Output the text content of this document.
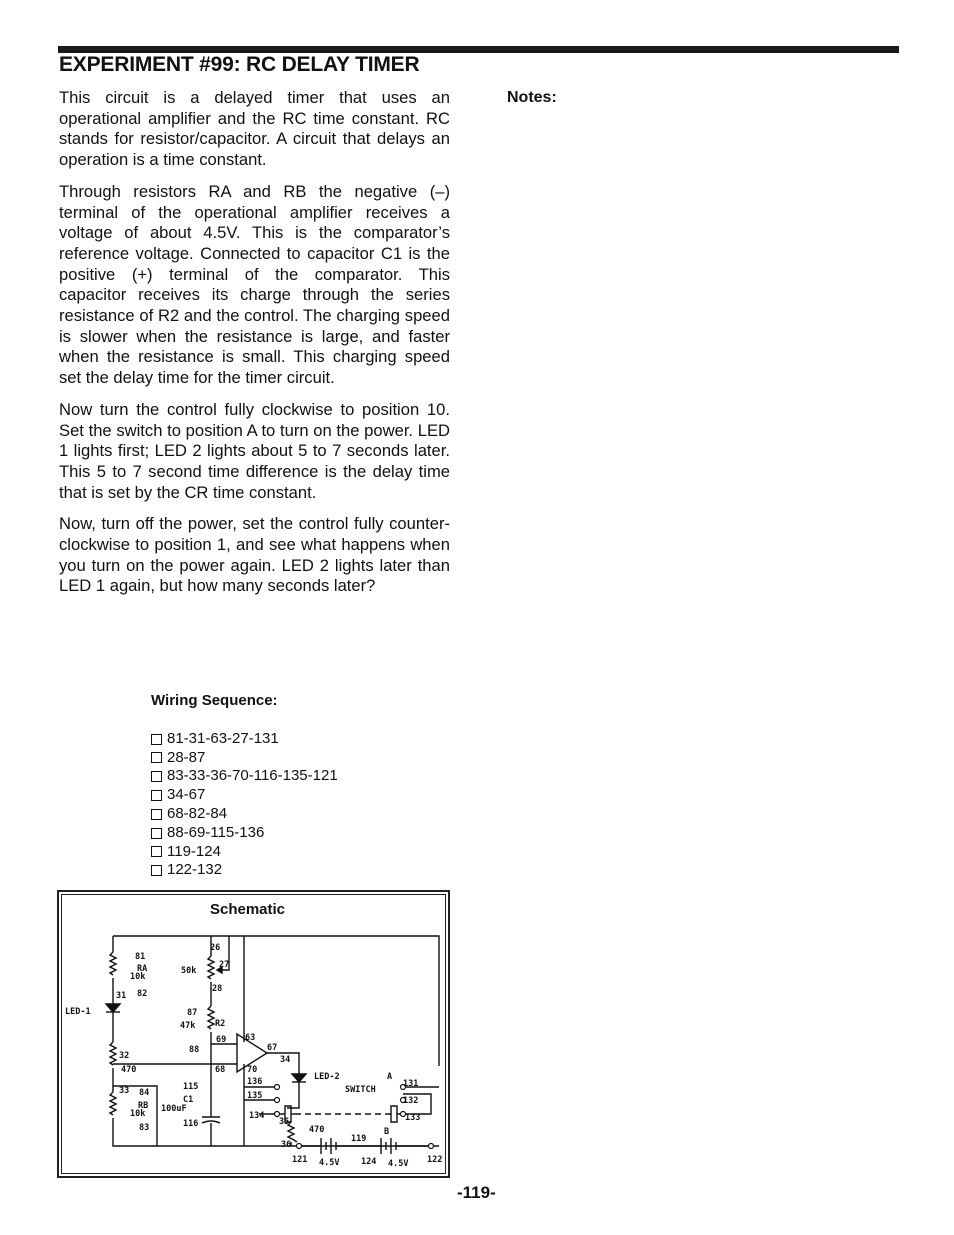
EXPERIMENT #99: RC DELAY TIMER

This circuit is a delayed timer that uses an operational amplifier and the RC time constant. RC stands for resistor/capacitor. A circuit that delays an operation is a time constant.

Through resistors RA and RB the negative (–) terminal of the operational amplifier receives a voltage of about 4.5V. This is the comparator’s reference voltage. Connected to capacitor C1 is the positive (+) terminal of the comparator. This capacitor receives its charge through the series resistance of R2 and the control. The charging speed is slower when the resistance is large, and faster when the resistance is small. This charging speed set the delay time for the timer circuit.

Now turn the control fully clockwise to position 10. Set the switch to position A to turn on the power. LED 1 lights first; LED 2 lights about 5 to 7 seconds later. This 5 to 7 second time difference is the delay time that is set by the CR time constant.

Now, turn off the power, set the control fully counter-clockwise to position 1, and see what happens when you turn on the power again. LED 2 lights later than LED 1 again, but how many seconds later?

Notes:
Wiring Sequence:
81-31-63-27-131
28-87
83-33-36-70-116-135-121
34-67
68-82-84
88-69-115-136
119-124
122-132
Schematic
81
RA
10k
82
31
LED-1
32
470
33 84
RB
10k
83
26
50k
27
28
87
47k R2
88
69
68
63
67
70
34
LED-2
115
C1
100uF
116
136
135
134
35
470
36
A
SWITCH
131
132
133
B
119
121 4.5V	124 4.5V 122
-119-
